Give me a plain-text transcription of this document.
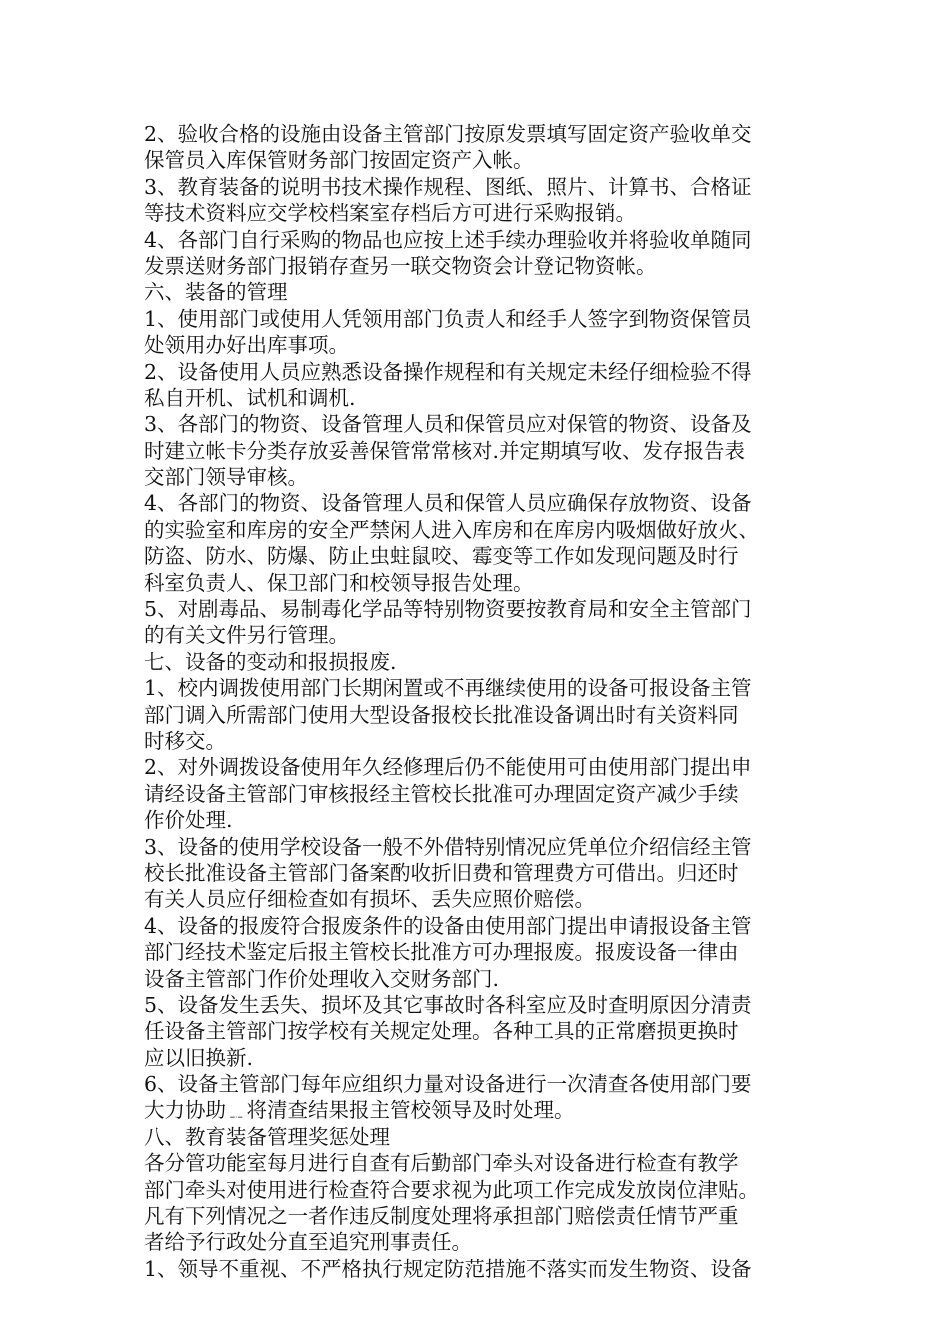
2、验收合格的设施由设备主管部门按原发票填写固定资产验收单交
保管员入库保管财务部门按固定资产入帐。
3、教育装备的说明书技术操作规程、图纸、照片、计算书、合格证
等技术资料应交学校档案室存档后方可进行采购报销。
4、各部门自行采购的物品也应按上述手续办理验收并将验收单随同
发票送财务部门报销存查另一联交物资会计登记物资帐。
六、装备的管理
1、使用部门或使用人凭领用部门负责人和经手人签字到物资保管员
处领用办好出库事项。
2、设备使用人员应熟悉设备操作规程和有关规定未经仔细检验不得
私自开机、试机和调机.
3、各部门的物资、设备管理人员和保管员应对保管的物资、设备及
时建立帐卡分类存放妥善保管常常核对.并定期填写收、发存报告表
交部门领导审核。
4、各部门的物资、设备管理人员和保管人员应确保存放物资、设备
的实验室和库房的安全严禁闲人进入库房和在库房内吸烟做好放火、
防盗、防水、防爆、防止虫蛀鼠咬、霉变等工作如发现问题及时行
科室负责人、保卫部门和校领导报告处理。
5、对剧毒品、易制毒化学品等特别物资要按教育局和安全主管部门
的有关文件另行管理。
七、设备的变动和报损报废.
1、校内调拨使用部门长期闲置或不再继续使用的设备可报设备主管
部门调入所需部门使用大型设备报校长批准设备调出时有关资料同
时移交。
2、对外调拨设备使用年久经修理后仍不能使用可由使用部门提出申
请经设备主管部门审核报经主管校长批准可办理固定资产减少手续
作价处理.
3、设备的使用学校设备一般不外借特别情况应凭单位介绍信经主管
校长批准设备主管部门备案酌收折旧费和管理费方可借出。归还时
有关人员应仔细检查如有损坏、丢失应照价赔偿。
4、设备的报废符合报废条件的设备由使用部门提出申请报设备主管
部门经技术鉴定后报主管校长批准方可办理报废。报废设备一律由
设备主管部门作价处理收入交财务部门.
5、设备发生丢失、损坏及其它事故时各科室应及时查明原因分清责
任设备主管部门按学校有关规定处理。各种工具的正常磨损更换时
应以旧换新.
6、设备主管部门每年应组织力量对设备进行一次清查各使用部门要
大力协助﹎将清查结果报主管校领导及时处理。
八、教育装备管理奖惩处理
各分管功能室每月进行自查有后勤部门牵头对设备进行检查有教学
部门牵头对使用进行检查符合要求视为此项工作完成发放岗位津贴。
凡有下列情况之一者作违反制度处理将承担部门赔偿责任情节严重
者给予行政处分直至追究刑事责任。
1、领导不重视、不严格执行规定防范措施不落实而发生物资、设备
